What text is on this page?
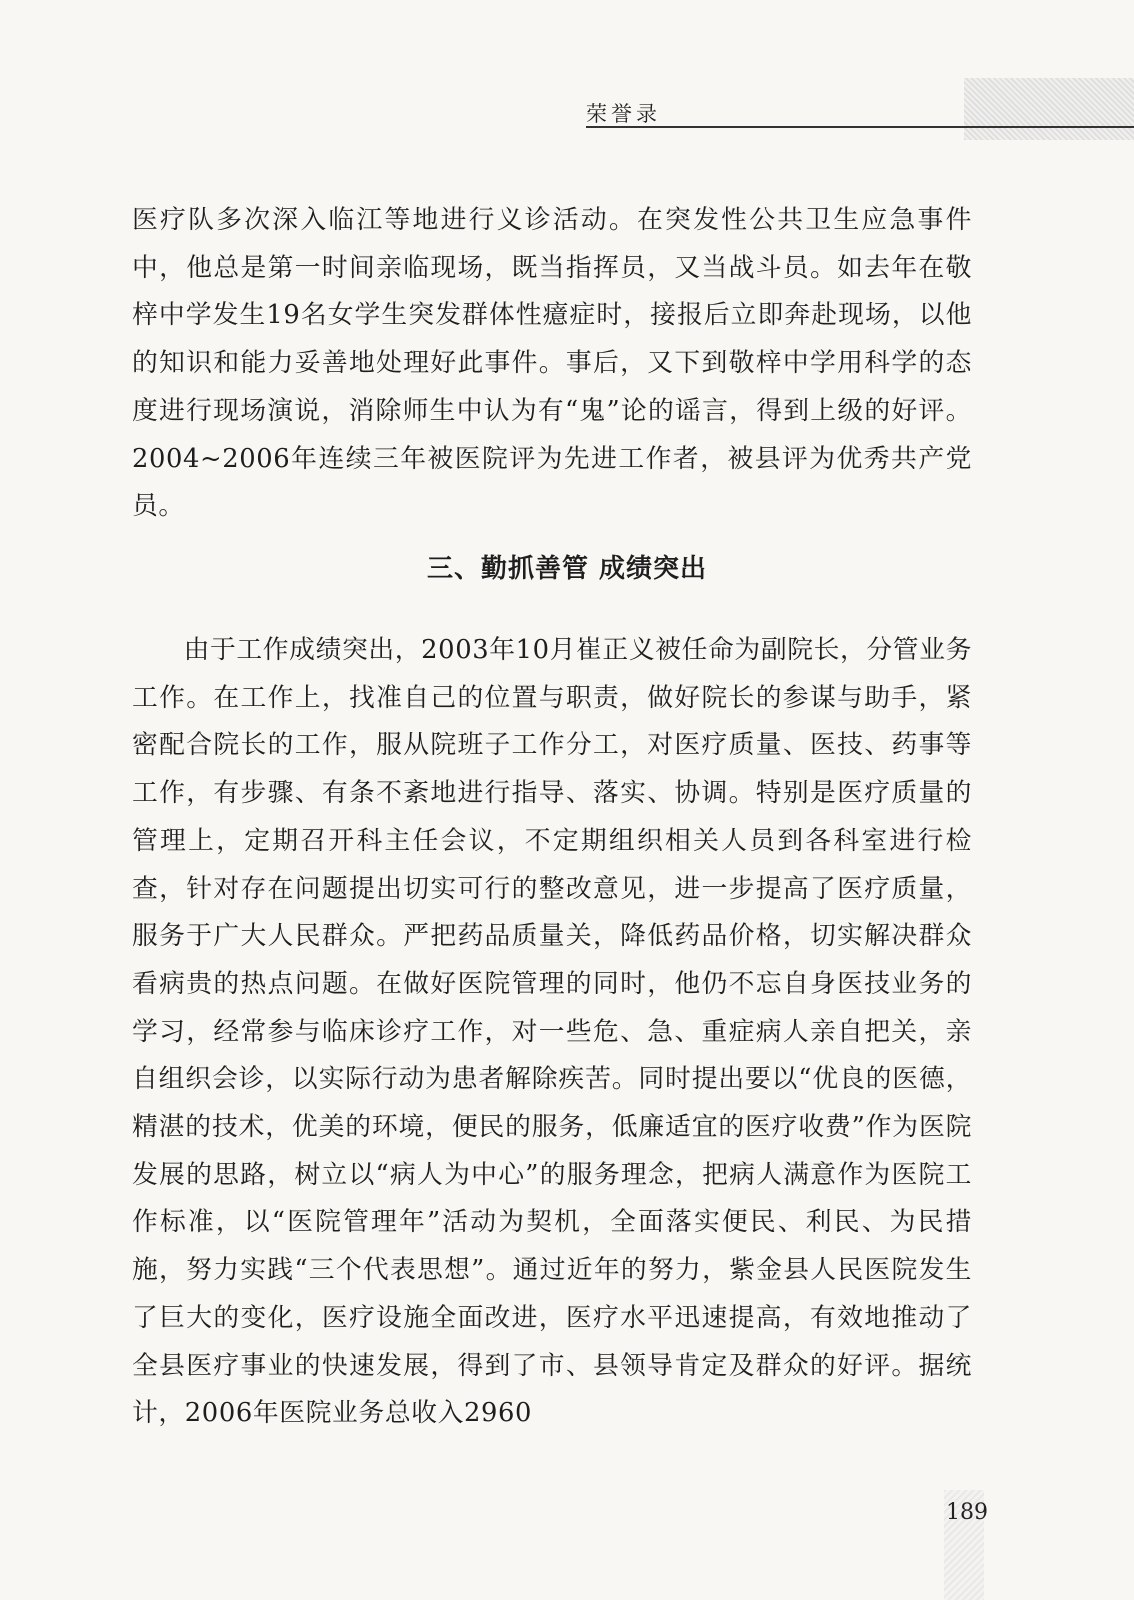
荣誉录

医疗队多次深入临江等地进行义诊活动。在突发性公共卫生应急事件中，他总是第一时间亲临现场，既当指挥员，又当战斗员。如去年在敬梓中学发生19名女学生突发群体性癔症时，接报后立即奔赴现场，以他的知识和能力妥善地处理好此事件。事后，又下到敬梓中学用科学的态度进行现场演说，消除师生中认为有“鬼”论的谣言，得到上级的好评。2004~2006年连续三年被医院评为先进工作者，被县评为优秀共产党员。

三、勤抓善管 成绩突出

由于工作成绩突出，2003年10月崔正义被任命为副院长，分管业务工作。在工作上，找准自己的位置与职责，做好院长的参谋与助手，紧密配合院长的工作，服从院班子工作分工，对医疗质量、医技、药事等工作，有步骤、有条不紊地进行指导、落实、协调。特别是医疗质量的管理上，定期召开科主任会议，不定期组织相关人员到各科室进行检查，针对存在问题提出切实可行的整改意见，进一步提高了医疗质量，服务于广大人民群众。严把药品质量关，降低药品价格，切实解决群众看病贵的热点问题。在做好医院管理的同时，他仍不忘自身医技业务的学习，经常参与临床诊疗工作，对一些危、急、重症病人亲自把关，亲自组织会诊，以实际行动为患者解除疾苦。同时提出要以“优良的医德，精湛的技术，优美的环境，便民的服务，低廉适宜的医疗收费”作为医院发展的思路，树立以“病人为中心”的服务理念，把病人满意作为医院工作标准，以“医院管理年”活动为契机，全面落实便民、利民、为民措施，努力实践“三个代表思想”。通过近年的努力，紫金县人民医院发生了巨大的变化，医疗设施全面改进，医疗水平迅速提高，有效地推动了全县医疗事业的快速发展，得到了市、县领导肯定及群众的好评。据统计，2006年医院业务总收入2960

189
